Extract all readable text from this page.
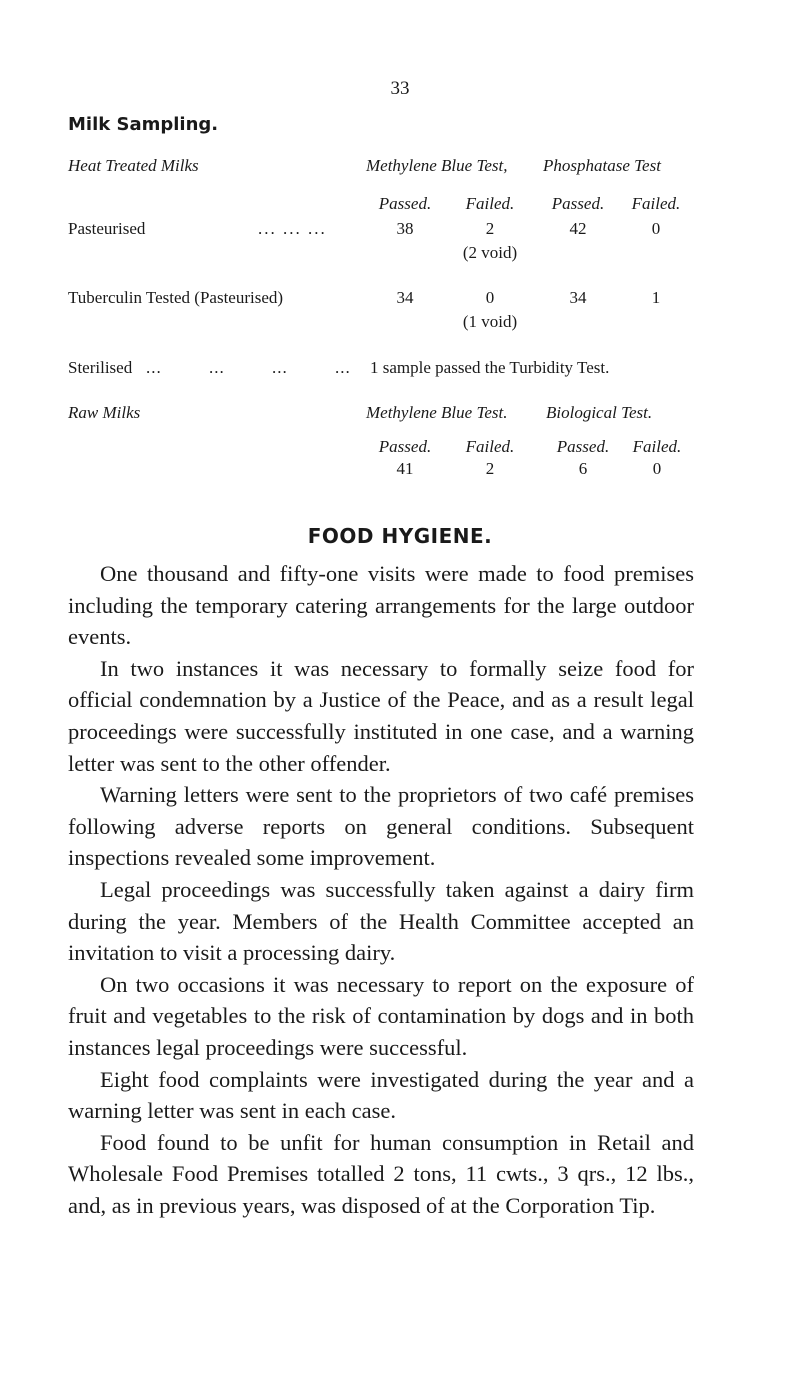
33
Milk Sampling.
Heat Treated Milks	Methylene Blue Test, Phosphatase Test
Passed.	Failed.	Passed.	Failed.
Pasteurised	... ... ...	38	2	42	0
(2 void)
Tuberculin Tested (Pasteurised)	34	0	34	1
(1 void)
Sterilised ... ... ... ... 1 sample passed the Turbidity Test.
Raw Milks	Methylene Blue Test. Biological Test.
Passed.	Failed.	Passed.	Failed.
41	2	6	0
FOOD HYGIENE.

One thousand and fifty-one visits were made to food premises including the temporary catering arrangements for the large outdoor events.

In two instances it was necessary to formally seize food for official condemnation by a Justice of the Peace, and as a result legal proceedings were successfully instituted in one case, and a warning letter was sent to the other offender.

Warning letters were sent to the proprietors of two café premises following adverse reports on general conditions. Subsequent inspections revealed some improvement.

Legal proceedings was successfully taken against a dairy firm during the year. Members of the Health Committee accepted an invitation to visit a processing dairy.

On two occasions it was necessary to report on the exposure of fruit and vegetables to the risk of contamination by dogs and in both instances legal proceedings were successful.

Eight food complaints were investigated during the year and a warning letter was sent in each case.

Food found to be unfit for human consumption in Retail and Wholesale Food Premises totalled 2 tons, 11 cwts., 3 qrs., 12 lbs., and, as in previous years, was disposed of at the Corporation Tip.
